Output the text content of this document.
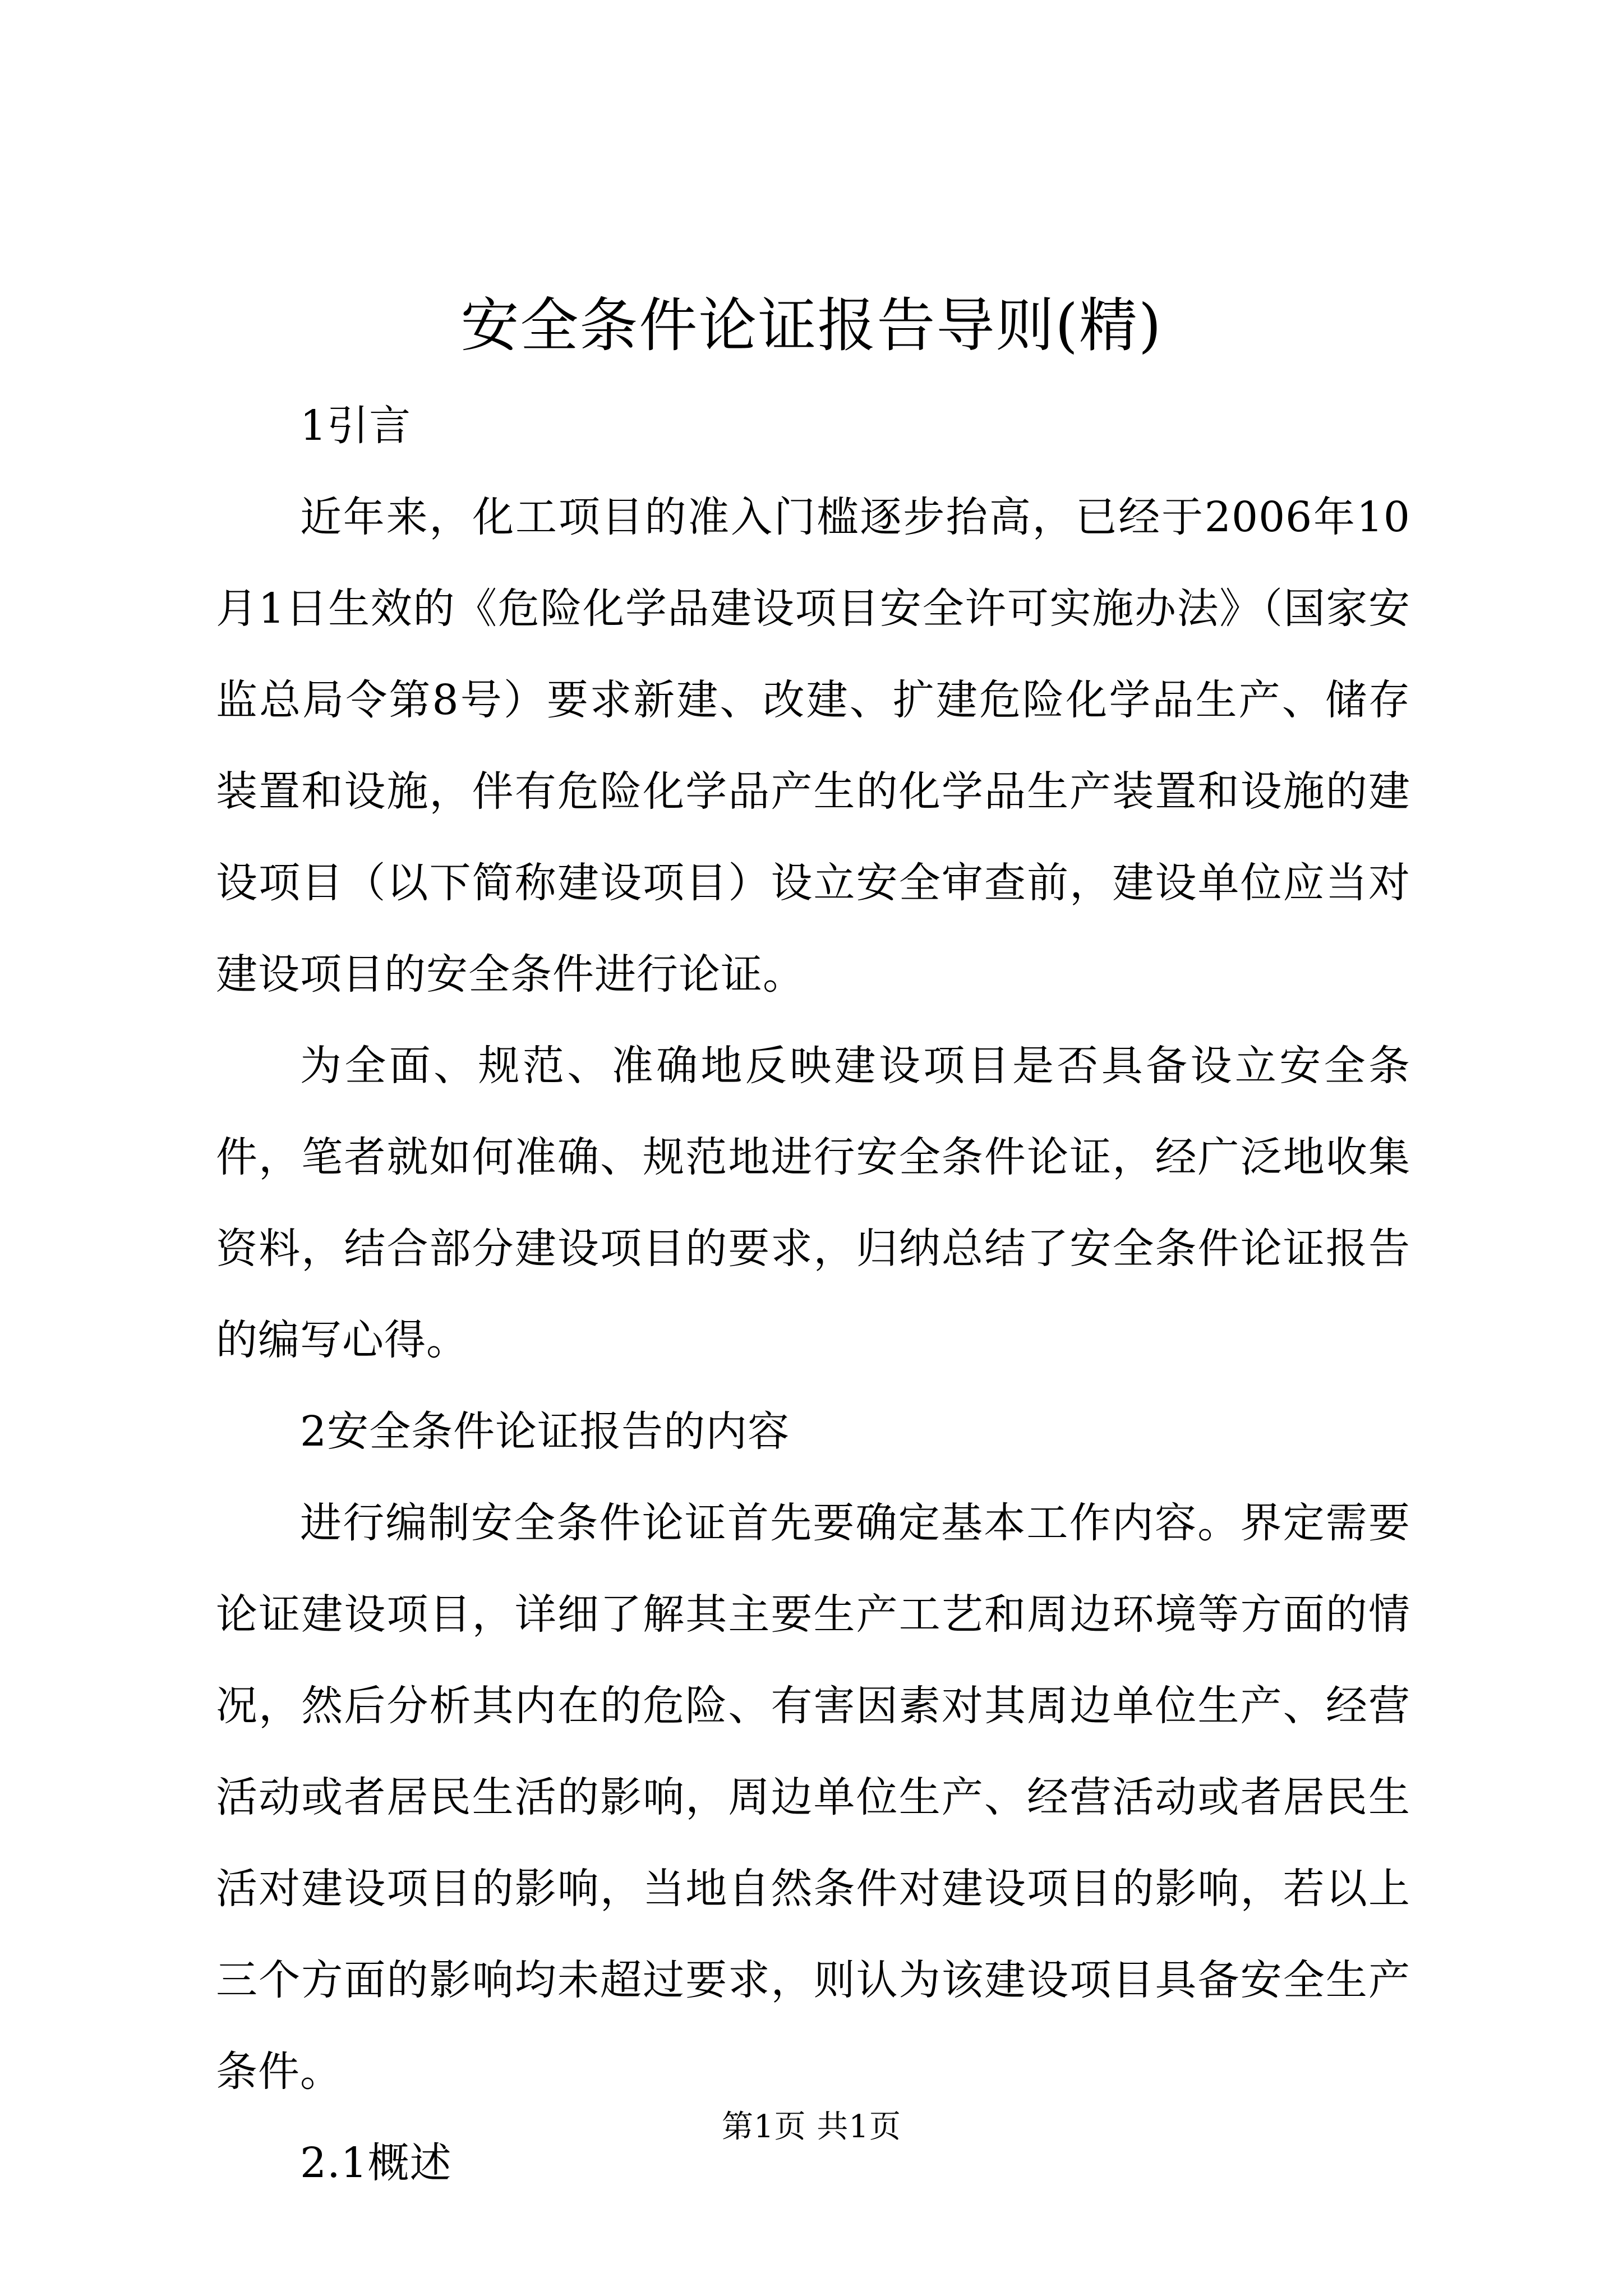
安全条件论证报告导则(精)

1引言

近年来，化工项目的准入门槛逐步抬高，已经于2006年10月1日生效的《危险化学品建设项目安全许可实施办法》（国家安监总局令第8号）要求新建、改建、扩建危险化学品生产、储存装置和设施，伴有危险化学品产生的化学品生产装置和设施的建设项目（以下简称建设项目）设立安全审查前，建设单位应当对建设项目的安全条件进行论证。

为全面、规范、准确地反映建设项目是否具备设立安全条件，笔者就如何准确、规范地进行安全条件论证，经广泛地收集资料，结合部分建设项目的要求，归纳总结了安全条件论证报告的编写心得。

2安全条件论证报告的内容

进行编制安全条件论证首先要确定基本工作内容。界定需要论证建设项目，详细了解其主要生产工艺和周边环境等方面的情况，然后分析其内在的危险、有害因素对其周边单位生产、经营活动或者居民生活的影响，周边单位生产、经营活动或者居民生活对建设项目的影响，当地自然条件对建设项目的影响，若以上三个方面的影响均未超过要求，则认为该建设项目具备安全生产条件。

2.1概述

第1页 共1页
